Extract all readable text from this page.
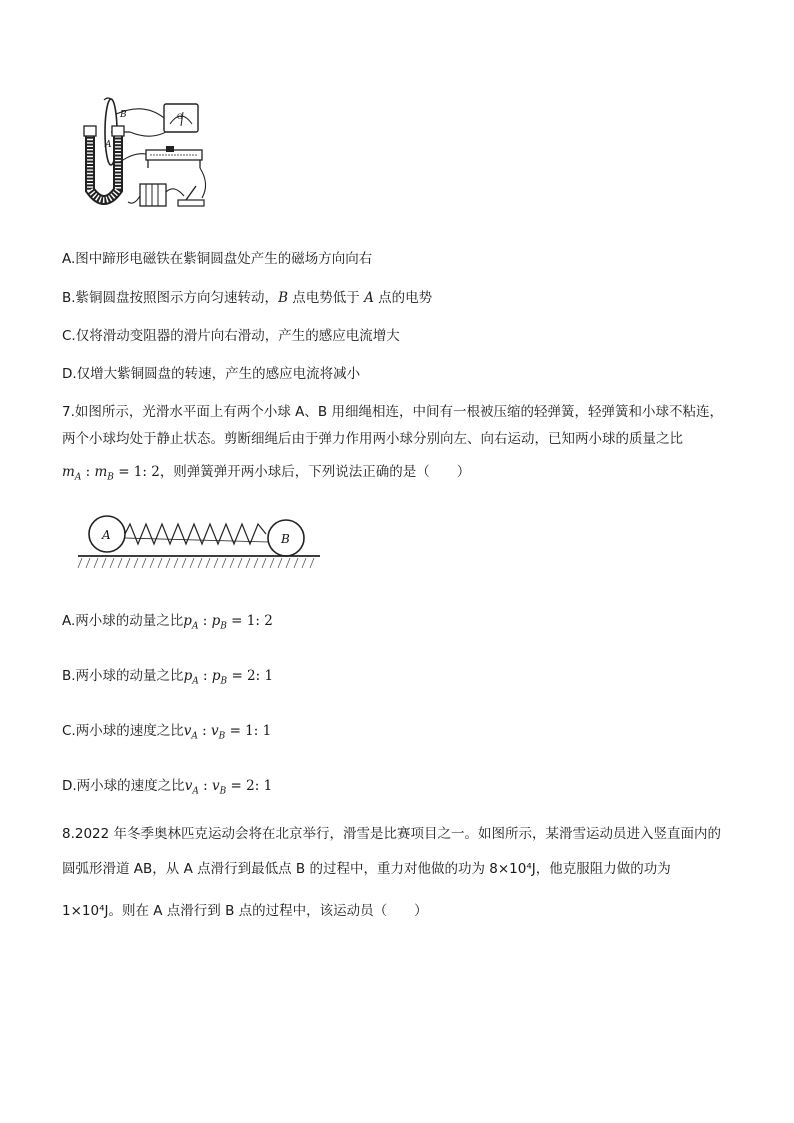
B
A
G
A.图中蹄形电磁铁在紫铜圆盘处产生的磁场方向向右
B.紫铜圆盘按照图示方向匀速转动，B 点电势低于 A 点的电势
C.仅将滑动变阻器的滑片向右滑动，产生的感应电流增大
D.仅增大紫铜圆盘的转速，产生的感应电流将减小
7.如图所示，光滑水平面上有两个小球 A、B 用细绳相连，中间有一根被压缩的轻弹簧，轻弹簧和小球不粘连，
两个小球均处于静止状态。剪断细绳后由于弹力作用两小球分别向左、向右运动，已知两小球的质量之比
$m_A$ : $m_B = 1$: 2，则弹簧弹开两小球后，下列说法正确的是（　　）
A	B
A.两小球的动量之比$p_A$ : $p_B = 1$: 2
B.两小球的动量之比$p_A$ : $p_B = 2$: 1
C.两小球的速度之比$v_A$ : $v_B = 1$: 1
D.两小球的速度之比$v_A$ : $v_B = 2$: 1
8.2022 年冬季奥林匹克运动会将在北京举行，滑雪是比赛项目之一。如图所示，某滑雪运动员进入竖直面内的
圆弧形滑道 AB，从 A 点滑行到最低点 B 的过程中，重力对他做的功为 8×10⁴J，他克服阻力做的功为
1×10⁴J。则在 A 点滑行到 B 点的过程中，该运动员（　　）
